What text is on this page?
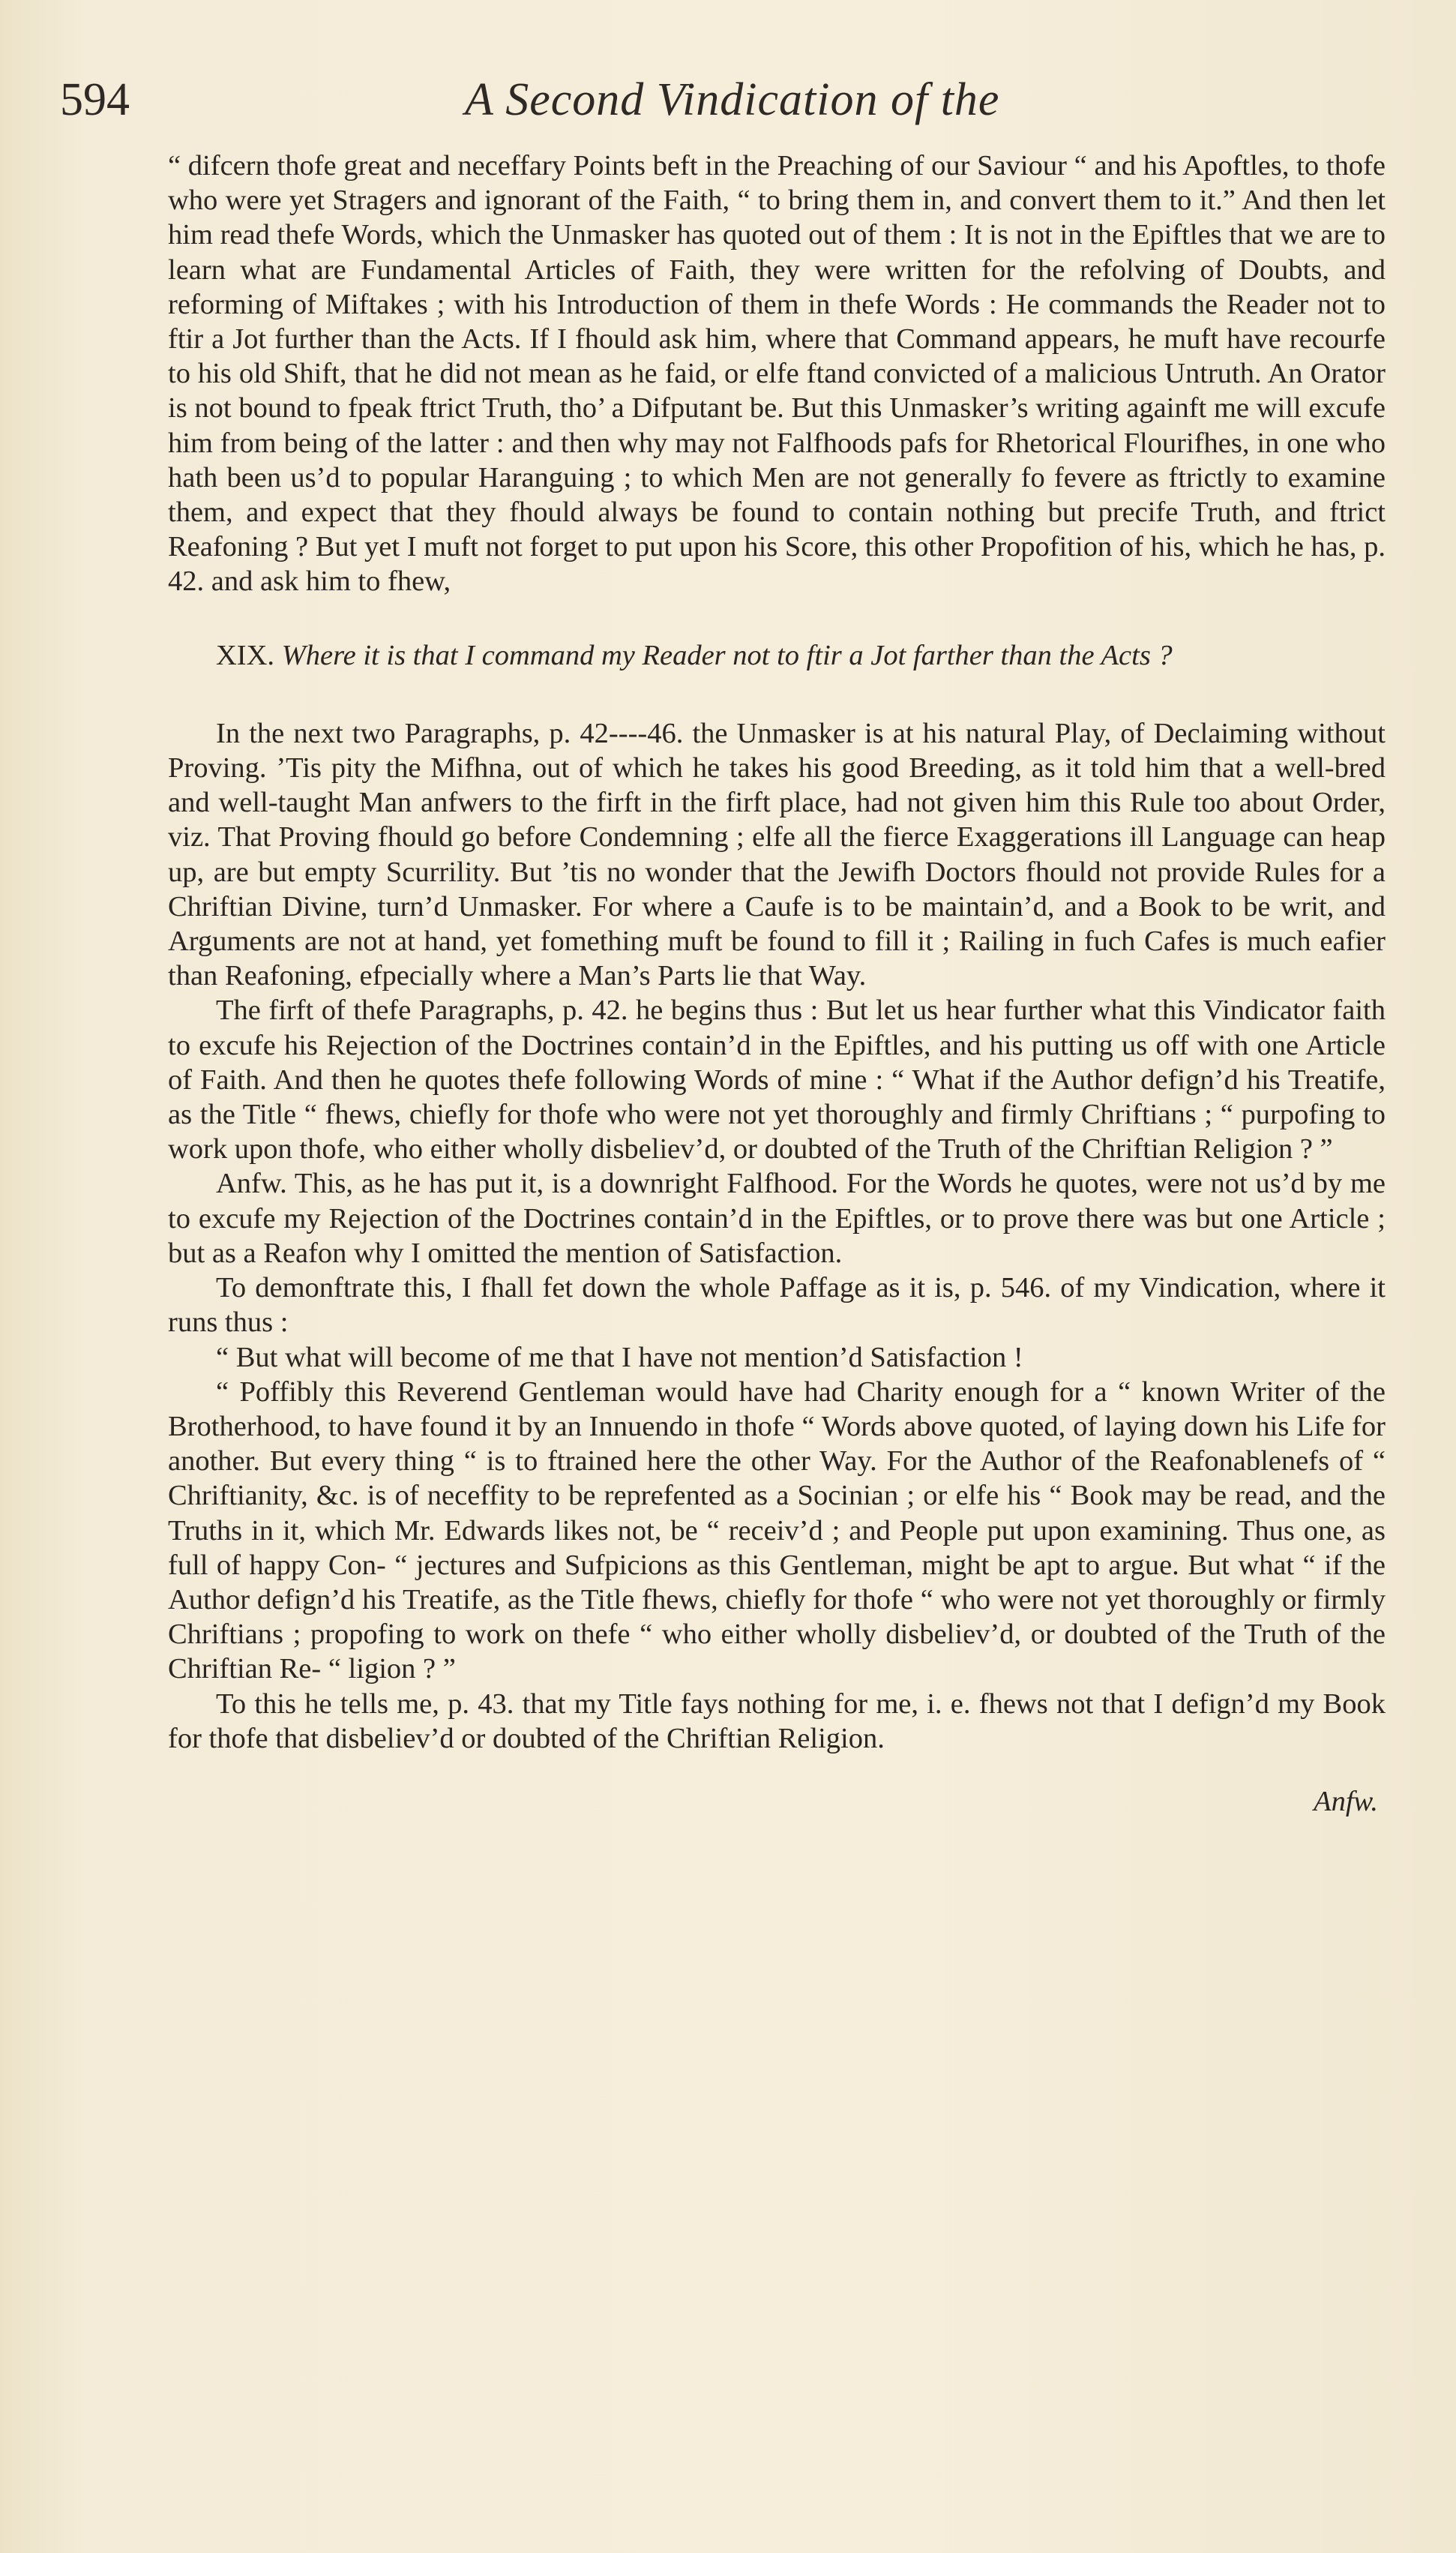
594	A Second Vindication of the

“ difcern thofe great and neceffary Points beft in the Preaching of our Saviour “ and his Apoftles, to thofe who were yet Stragers and ignorant of the Faith, “ to bring them in, and convert them to it.” And then let him read thefe Words, which the Unmasker has quoted out of them : It is not in the Epiftles that we are to learn what are Fundamental Articles of Faith, they were written for the refolving of Doubts, and reforming of Miftakes ; with his Introduction of them in thefe Words : He commands the Reader not to ftir a Jot further than the Acts. If I fhould ask him, where that Command appears, he muft have recourfe to his old Shift, that he did not mean as he faid, or elfe ftand convicted of a malicious Untruth. An Orator is not bound to fpeak ftrict Truth, tho’ a Difputant be. But this Unmasker’s writing againft me will excufe him from being of the latter : and then why may not Falfhoods pafs for Rhetorical Flourifhes, in one who hath been us’d to popular Haranguing ; to which Men are not generally fo fevere as ftrictly to examine them, and expect that they fhould always be found to contain nothing but precife Truth, and ftrict Reafoning ? But yet I muft not forget to put upon his Score, this other Propofition of his, which he has, p. 42. and ask him to fhew,

XIX. Where it is that I command my Reader not to ftir a Jot farther than the Acts ?

In the next two Paragraphs, p. 42----46. the Unmasker is at his natural Play, of Declaiming without Proving. ’Tis pity the Mifhna, out of which he takes his good Breeding, as it told him that a well-bred and well-taught Man anfwers to the firft in the firft place, had not given him this Rule too about Order, viz. That Proving fhould go before Condemning ; elfe all the fierce Exaggerations ill Language can heap up, are but empty Scurrility. But ’tis no wonder that the Jewifh Doctors fhould not provide Rules for a Chriftian Divine, turn’d Unmasker. For where a Caufe is to be maintain’d, and a Book to be writ, and Arguments are not at hand, yet fomething muft be found to fill it ; Railing in fuch Cafes is much eafier than Reafoning, efpecially where a Man’s Parts lie that Way.

The firft of thefe Paragraphs, p. 42. he begins thus : But let us hear further what this Vindicator faith to excufe his Rejection of the Doctrines contain’d in the Epiftles, and his putting us off with one Article of Faith. And then he quotes thefe following Words of mine : “ What if the Author defign’d his Treatife, as the Title “ fhews, chiefly for thofe who were not yet thoroughly and firmly Chriftians ; “ purpofing to work upon thofe, who either wholly disbeliev’d, or doubted of the Truth of the Chriftian Religion ? ”

Anfw. This, as he has put it, is a downright Falfhood. For the Words he quotes, were not us’d by me to excufe my Rejection of the Doctrines contain’d in the Epiftles, or to prove there was but one Article ; but as a Reafon why I omitted the mention of Satisfaction.

To demonftrate this, I fhall fet down the whole Paffage as it is, p. 546. of my Vindication, where it runs thus :

“ But what will become of me that I have not mention’d Satisfaction !

“ Poffibly this Reverend Gentleman would have had Charity enough for a “ known Writer of the Brotherhood, to have found it by an Innuendo in thofe “ Words above quoted, of laying down his Life for another. But every thing “ is to ftrained here the other Way. For the Author of the Reafonablenefs of “ Chriftianity, &c. is of neceffity to be reprefented as a Socinian ; or elfe his “ Book may be read, and the Truths in it, which Mr. Edwards likes not, be “ receiv’d ; and People put upon examining. Thus one, as full of happy Con- “ jectures and Sufpicions as this Gentleman, might be apt to argue. But what “ if the Author defign’d his Treatife, as the Title fhews, chiefly for thofe “ who were not yet thoroughly or firmly Chriftians ; propofing to work on thefe “ who either wholly disbeliev’d, or doubted of the Truth of the Chriftian Re- “ ligion ? ”

To this he tells me, p. 43. that my Title fays nothing for me, i. e. fhews not that I defign’d my Book for thofe that disbeliev’d or doubted of the Chriftian Religion.

Anfw.
